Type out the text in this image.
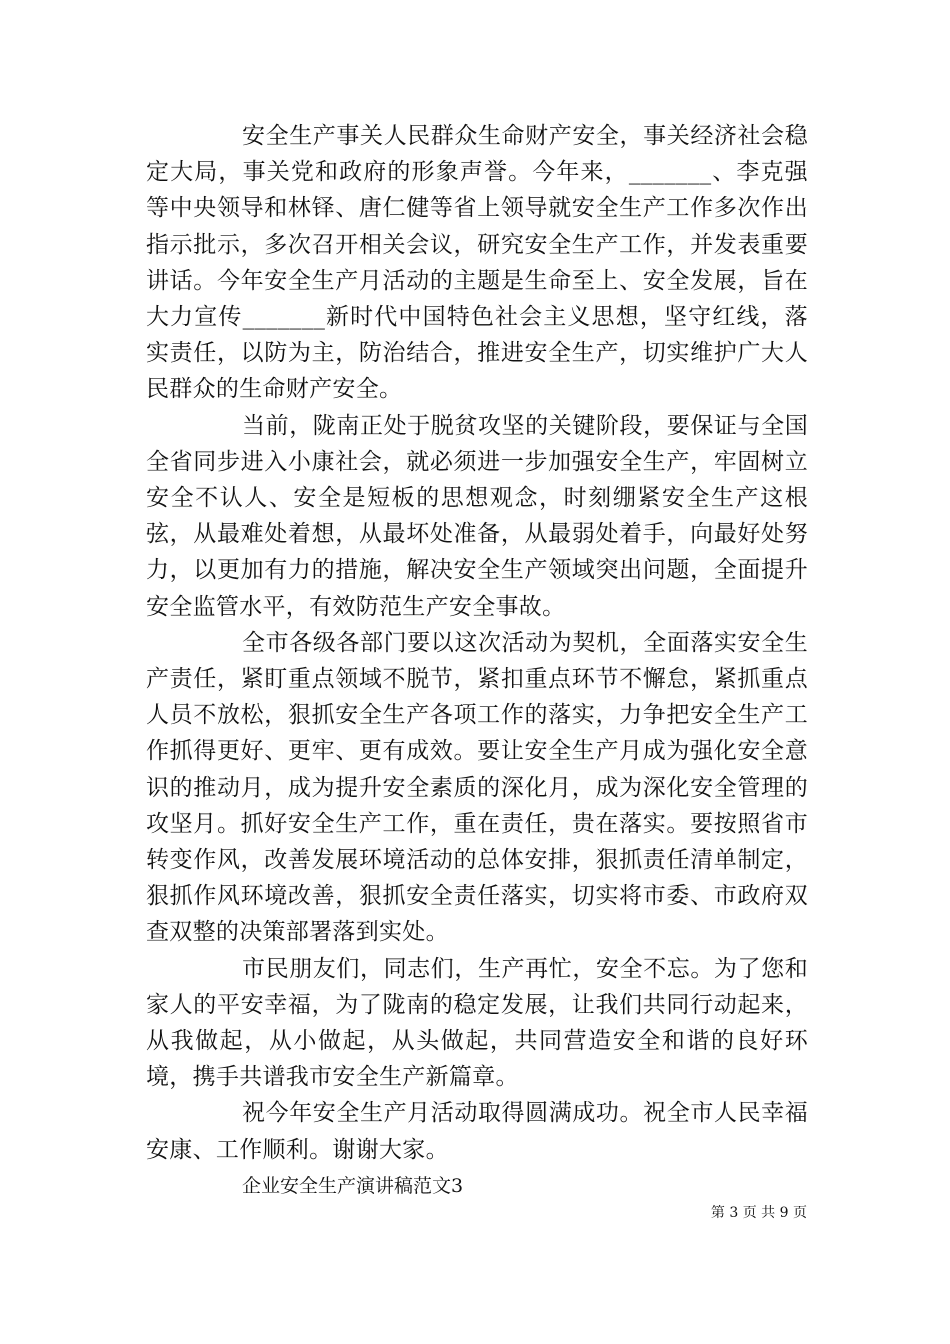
安全生产事关人民群众生命财产安全，事关经济社会稳定大局，事关党和政府的形象声誉。今年来，_______、李克强等中央领导和林铎、唐仁健等省上领导就安全生产工作多次作出指示批示，多次召开相关会议，研究安全生产工作，并发表重要讲话。今年安全生产月活动的主题是生命至上、安全发展，旨在大力宣传_______新时代中国特色社会主义思想，坚守红线，落实责任，以防为主，防治结合，推进安全生产，切实维护广大人民群众的生命财产安全。

当前，陇南正处于脱贫攻坚的关键阶段，要保证与全国全省同步进入小康社会，就必须进一步加强安全生产，牢固树立安全不认人、安全是短板的思想观念，时刻绷紧安全生产这根弦，从最难处着想，从最坏处准备，从最弱处着手，向最好处努力，以更加有力的措施，解决安全生产领域突出问题，全面提升安全监管水平，有效防范生产安全事故。

全市各级各部门要以这次活动为契机，全面落实安全生产责任，紧盯重点领域不脱节，紧扣重点环节不懈怠，紧抓重点人员不放松，狠抓安全生产各项工作的落实，力争把安全生产工作抓得更好、更牢、更有成效。要让安全生产月成为强化安全意识的推动月，成为提升安全素质的深化月，成为深化安全管理的攻坚月。抓好安全生产工作，重在责任，贵在落实。要按照省市转变作风，改善发展环境活动的总体安排，狠抓责任清单制定，狠抓作风环境改善，狠抓安全责任落实，切实将市委、市政府双查双整的决策部署落到实处。

市民朋友们，同志们，生产再忙，安全不忘。为了您和家人的平安幸福，为了陇南的稳定发展，让我们共同行动起来，从我做起，从小做起，从头做起，共同营造安全和谐的良好环境，携手共谱我市安全生产新篇章。

祝今年安全生产月活动取得圆满成功。祝全市人民幸福安康、工作顺利。谢谢大家。

企业安全生产演讲稿范文3

第 3 页 共 9 页
